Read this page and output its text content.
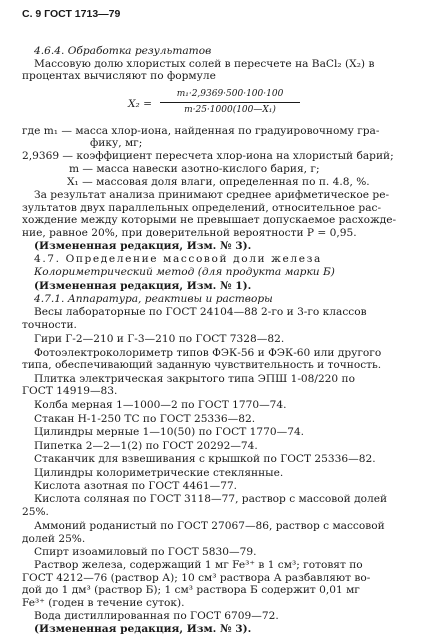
С. 9 ГОСТ 1713—79
4.6.4. Обработка результатов
Массовую долю хлористых солей в пересчете на BaCl₂ (X₂) в
процентах вычисляют по формуле
где m₁ — масса хлор-иона, найденная по градуировочному гра-
фику, мг;
2,9369 — коэффициент пересчета хлор-иона на хлористый барий;
m — масса навески азотно-кислого бария, г;
X₁ — массовая доля влаги, определенная по п. 4.8, %.
За результат анализа принимают среднее арифметическое ре-
зультатов двух параллельных определений, относительное рас-
хождение между которыми не превышает допускаемое расхожде-
ние, равное 20%, при доверительной вероятности P = 0,95.
(Измененная редакция, Изм. № 3).
4.7. Определение массовой доли железа
Колориметрический метод (для продукта марки Б)
(Измененная редакция, Изм. № 1).
4.7.1. Аппаратура, реактивы и растворы
Весы лабораторные по ГОСТ 24104—88 2-го и 3-го классов
точности.
Гири Г-2—210 и Г-3—210 по ГОСТ 7328—82.
Фотоэлектроколориметр типов ФЭК-56 и ФЭК-60 или другого
типа, обеспечивающий заданную чувствительность и точность.
Плитка электрическая закрытого типа ЭПШ 1-08/220 по
ГОСТ 14919—83.
Колба мерная 1—1000—2 по ГОСТ 1770—74.
Стакан Н-1-250 ТС по ГОСТ 25336—82.
Цилиндры мерные 1—10(50) по ГОСТ 1770—74.
Пипетка 2—2—1(2) по ГОСТ 20292—74.
Стаканчик для взвешивания с крышкой по ГОСТ 25336—82.
Цилиндры колориметрические стеклянные.
Кислота азотная по ГОСТ 4461—77.
Кислота соляная по ГОСТ 3118—77, раствор с массовой долей
25%.
Аммоний роданистый по ГОСТ 27067—86, раствор с массовой
долей 25%.
Спирт изоамиловый по ГОСТ 5830—79.
Раствор железа, содержащий 1 мг Fe³⁺ в 1 см³; готовят по
ГОСТ 4212—76 (раствор А); 10 см³ раствора А разбавляют во-
дой до 1 дм³ (раствор Б); 1 см³ раствора Б содержит 0,01 мг
Fe³⁺ (годен в течение суток).
Вода дистиллированная по ГОСТ 6709—72.
(Измененная редакция, Изм. № 3).
X₂ =
m₁·2,9369·500·100·100
m·25·1000(100—X₁)
